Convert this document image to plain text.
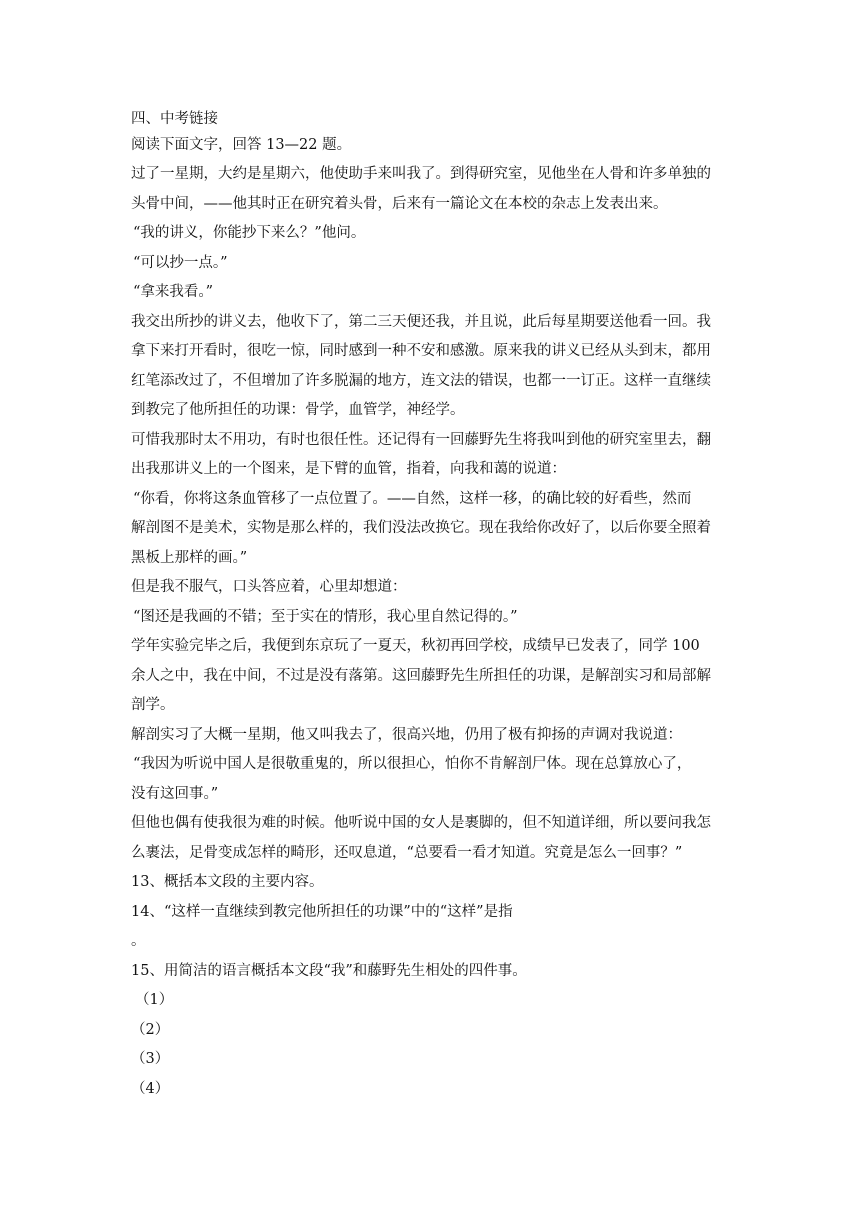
四、中考链接
阅读下面文字，回答 13—22 题。
过了一星期，大约是星期六，他使助手来叫我了。到得研究室，见他坐在人骨和许多单独的
头骨中间，——他其时正在研究着头骨，后来有一篇论文在本校的杂志上发表出来。
“我的讲义，你能抄下来么？”他问。
“可以抄一点。”
“拿来我看。”
我交出所抄的讲义去，他收下了，第二三天便还我，并且说，此后每星期要送他看一回。我
拿下来打开看时，很吃一惊，同时感到一种不安和感激。原来我的讲义已经从头到末，都用
红笔添改过了，不但增加了许多脱漏的地方，连文法的错误，也都一一订正。这样一直继续
到教完了他所担任的功课：骨学，血管学，神经学。
可惜我那时太不用功，有时也很任性。还记得有一回藤野先生将我叫到他的研究室里去，翻
出我那讲义上的一个图来，是下臂的血管，指着，向我和蔼的说道：
“你看，你将这条血管移了一点位置了。——自然，这样一移，的确比较的好看些，然而
解剖图不是美术，实物是那么样的，我们没法改换它。现在我给你改好了，以后你要全照着
黑板上那样的画。”
但是我不服气，口头答应着，心里却想道：
“图还是我画的不错；至于实在的情形，我心里自然记得的。”
学年实验完毕之后，我便到东京玩了一夏天，秋初再回学校，成绩早已发表了，同学 100
余人之中，我在中间，不过是没有落第。这回藤野先生所担任的功课，是解剖实习和局部解
剖学。
解剖实习了大概一星期，他又叫我去了，很高兴地，仍用了极有抑扬的声调对我说道：
“我因为听说中国人是很敬重鬼的，所以很担心，怕你不肯解剖尸体。现在总算放心了，
没有这回事。”
但他也偶有使我很为难的时候。他听说中国的女人是裹脚的，但不知道详细，所以要问我怎
么裹法，足骨变成怎样的畸形，还叹息道，“总要看一看才知道。究竟是怎么一回事？”
13、概括本文段的主要内容。
14、“这样一直继续到教完他所担任的功课”中的“这样”是指
。
15、用简洁的语言概括本文段“我”和藤野先生相处的四件事。
（1）
（2）
（3）
（4）
